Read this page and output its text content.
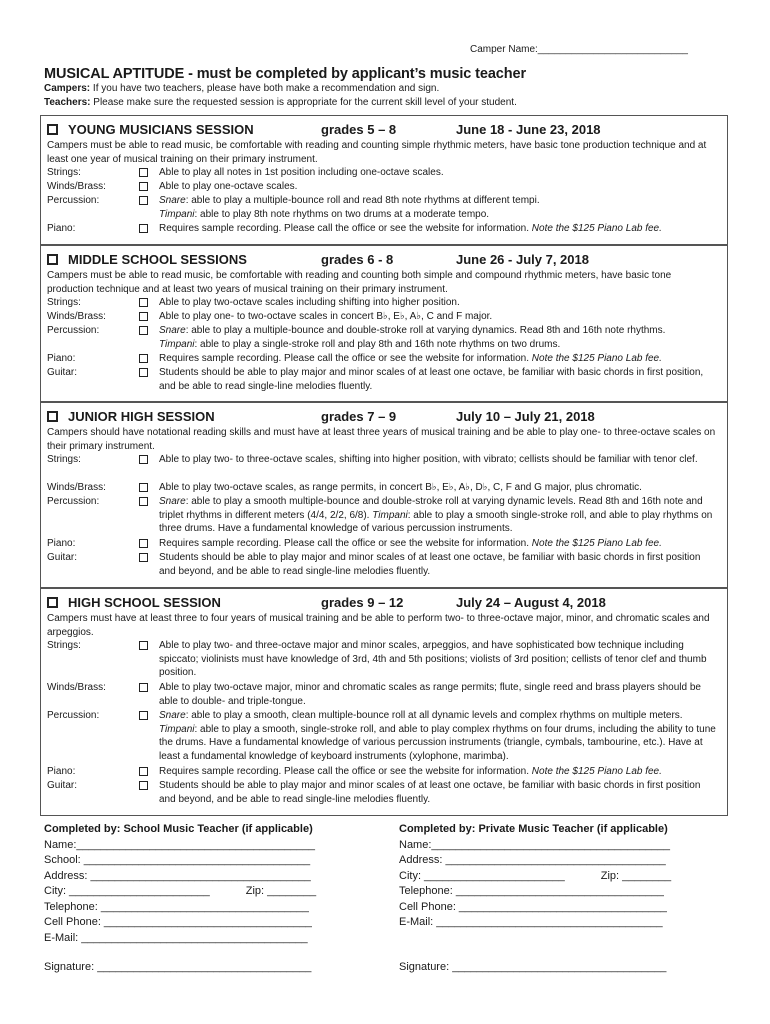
Camper Name:___________________________
MUSICAL APTITUDE - must be completed by applicant’s music teacher
Campers: If you have two teachers, please have both make a recommendation and sign.
Teachers: Please make sure the requested session is appropriate for the current skill level of your student.
YOUNG MUSICIANS SESSION	grades 5 – 8	June 18 - June 23, 2018
Campers must be able to read music, be comfortable with reading and counting simple rhythmic meters, have basic tone production technique and at least one year of musical training on their primary instrument.
Strings:	Able to play all notes in 1st position including one-octave scales.
Winds/Brass:	Able to play one-octave scales.
Percussion:	Snare: able to play a multiple-bounce roll and read 8th note rhythms at different tempi.
Timpani: able to play 8th note rhythms on two drums at a moderate tempo.
Piano:	Requires sample recording. Please call the office or see the website for information. Note the $125 Piano Lab fee.
MIDDLE SCHOOL SESSIONS	grades 6 - 8	June 26 - July 7, 2018
Campers must be able to read music, be comfortable with reading and counting both simple and compound rhythmic meters, have basic tone production technique and at least two years of musical training on their primary instrument.
Strings:	Able to play two-octave scales including shifting into higher position.
Winds/Brass:	Able to play one- to two-octave scales in concert B♭, E♭, A♭, C and F major.
Percussion:	Snare: able to play a multiple-bounce and double-stroke roll at varying dynamics. Read 8th and 16th note rhythms.
Timpani: able to play a single-stroke roll and play 8th and 16th note rhythms on two drums.
Piano:	Requires sample recording. Please call the office or see the website for information. Note the $125 Piano Lab fee.
Guitar:	Students should be able to play major and minor scales of at least one octave, be familiar with basic chords in first position, and be able to read single-line melodies fluently.
JUNIOR HIGH SESSION	grades 7 – 9	July 10 – July 21, 2018
Campers should have notational reading skills and must have at least three years of musical training and be able to play one- to three-octave scales on their primary instrument.
Strings:	Able to play two- to three-octave scales, shifting into higher position, with vibrato; cellists should be familiar with tenor clef.
Winds/Brass:	Able to play two-octave scales, as range permits, in concert B♭, E♭, A♭, D♭, C, F and G major, plus chromatic.
Percussion:	Snare: able to play a smooth multiple-bounce and double-stroke roll at varying dynamic levels. Read 8th and 16th note and triplet rhythms in different meters (4/4, 2/2, 6/8). Timpani: able to play a smooth single-stroke roll, and able to play rhythms on three drums. Have a fundamental knowledge of various percussion instruments.
Piano:	Requires sample recording. Please call the office or see the website for information. Note the $125 Piano Lab fee.
Guitar:	Students should be able to play major and minor scales of at least one octave, be familiar with basic chords in first position and beyond, and be able to read single-line melodies fluently.
HIGH SCHOOL SESSION	grades 9 – 12	July 24 – August 4, 2018
Campers must have at least three to four years of musical training and be able to perform two- to three-octave major, minor, and chromatic scales and arpeggios.
Strings:	Able to play two- and three-octave major and minor scales, arpeggios, and have sophisticated bow technique including spiccato; violinists must have knowledge of 3rd, 4th and 5th positions; violists of 3rd position; cellists of tenor clef and thumb position.
Winds/Brass:	Able to play two-octave major, minor and chromatic scales as range permits; flute, single reed and brass players should be able to double- and triple-tongue.
Percussion:	Snare: able to play a smooth, clean multiple-bounce roll at all dynamic levels and complex rhythms on multiple meters. Timpani: able to play a smooth, single-stroke roll, and able to play complex rhythms on four drums, including the ability to tune the drums. Have a fundamental knowledge of various percussion instruments (triangle, cymbals, tambourine, etc.). Have at least a fundamental knowledge of keyboard instruments (xylophone, marimba).
Piano:	Requires sample recording. Please call the office or see the website for information. Note the $125 Piano Lab fee.
Guitar:	Students should be able to play major and minor scales of at least one octave, be familiar with basic chords in first position and beyond, and be able to read single-line melodies fluently.
Completed by: School Music Teacher (if applicable)
Name:_______________________________________
School: _____________________________________
Address: ____________________________________
City: _______________________	Zip: ________
Telephone: __________________________________
Cell Phone: __________________________________
E-Mail: _____________________________________
Signature: ___________________________________
Completed by: Private Music Teacher (if applicable)
Name:_______________________________________
Address: ____________________________________
City: _______________________	Zip: ________
Telephone: __________________________________
Cell Phone: __________________________________
E-Mail: _____________________________________
Signature: ___________________________________
